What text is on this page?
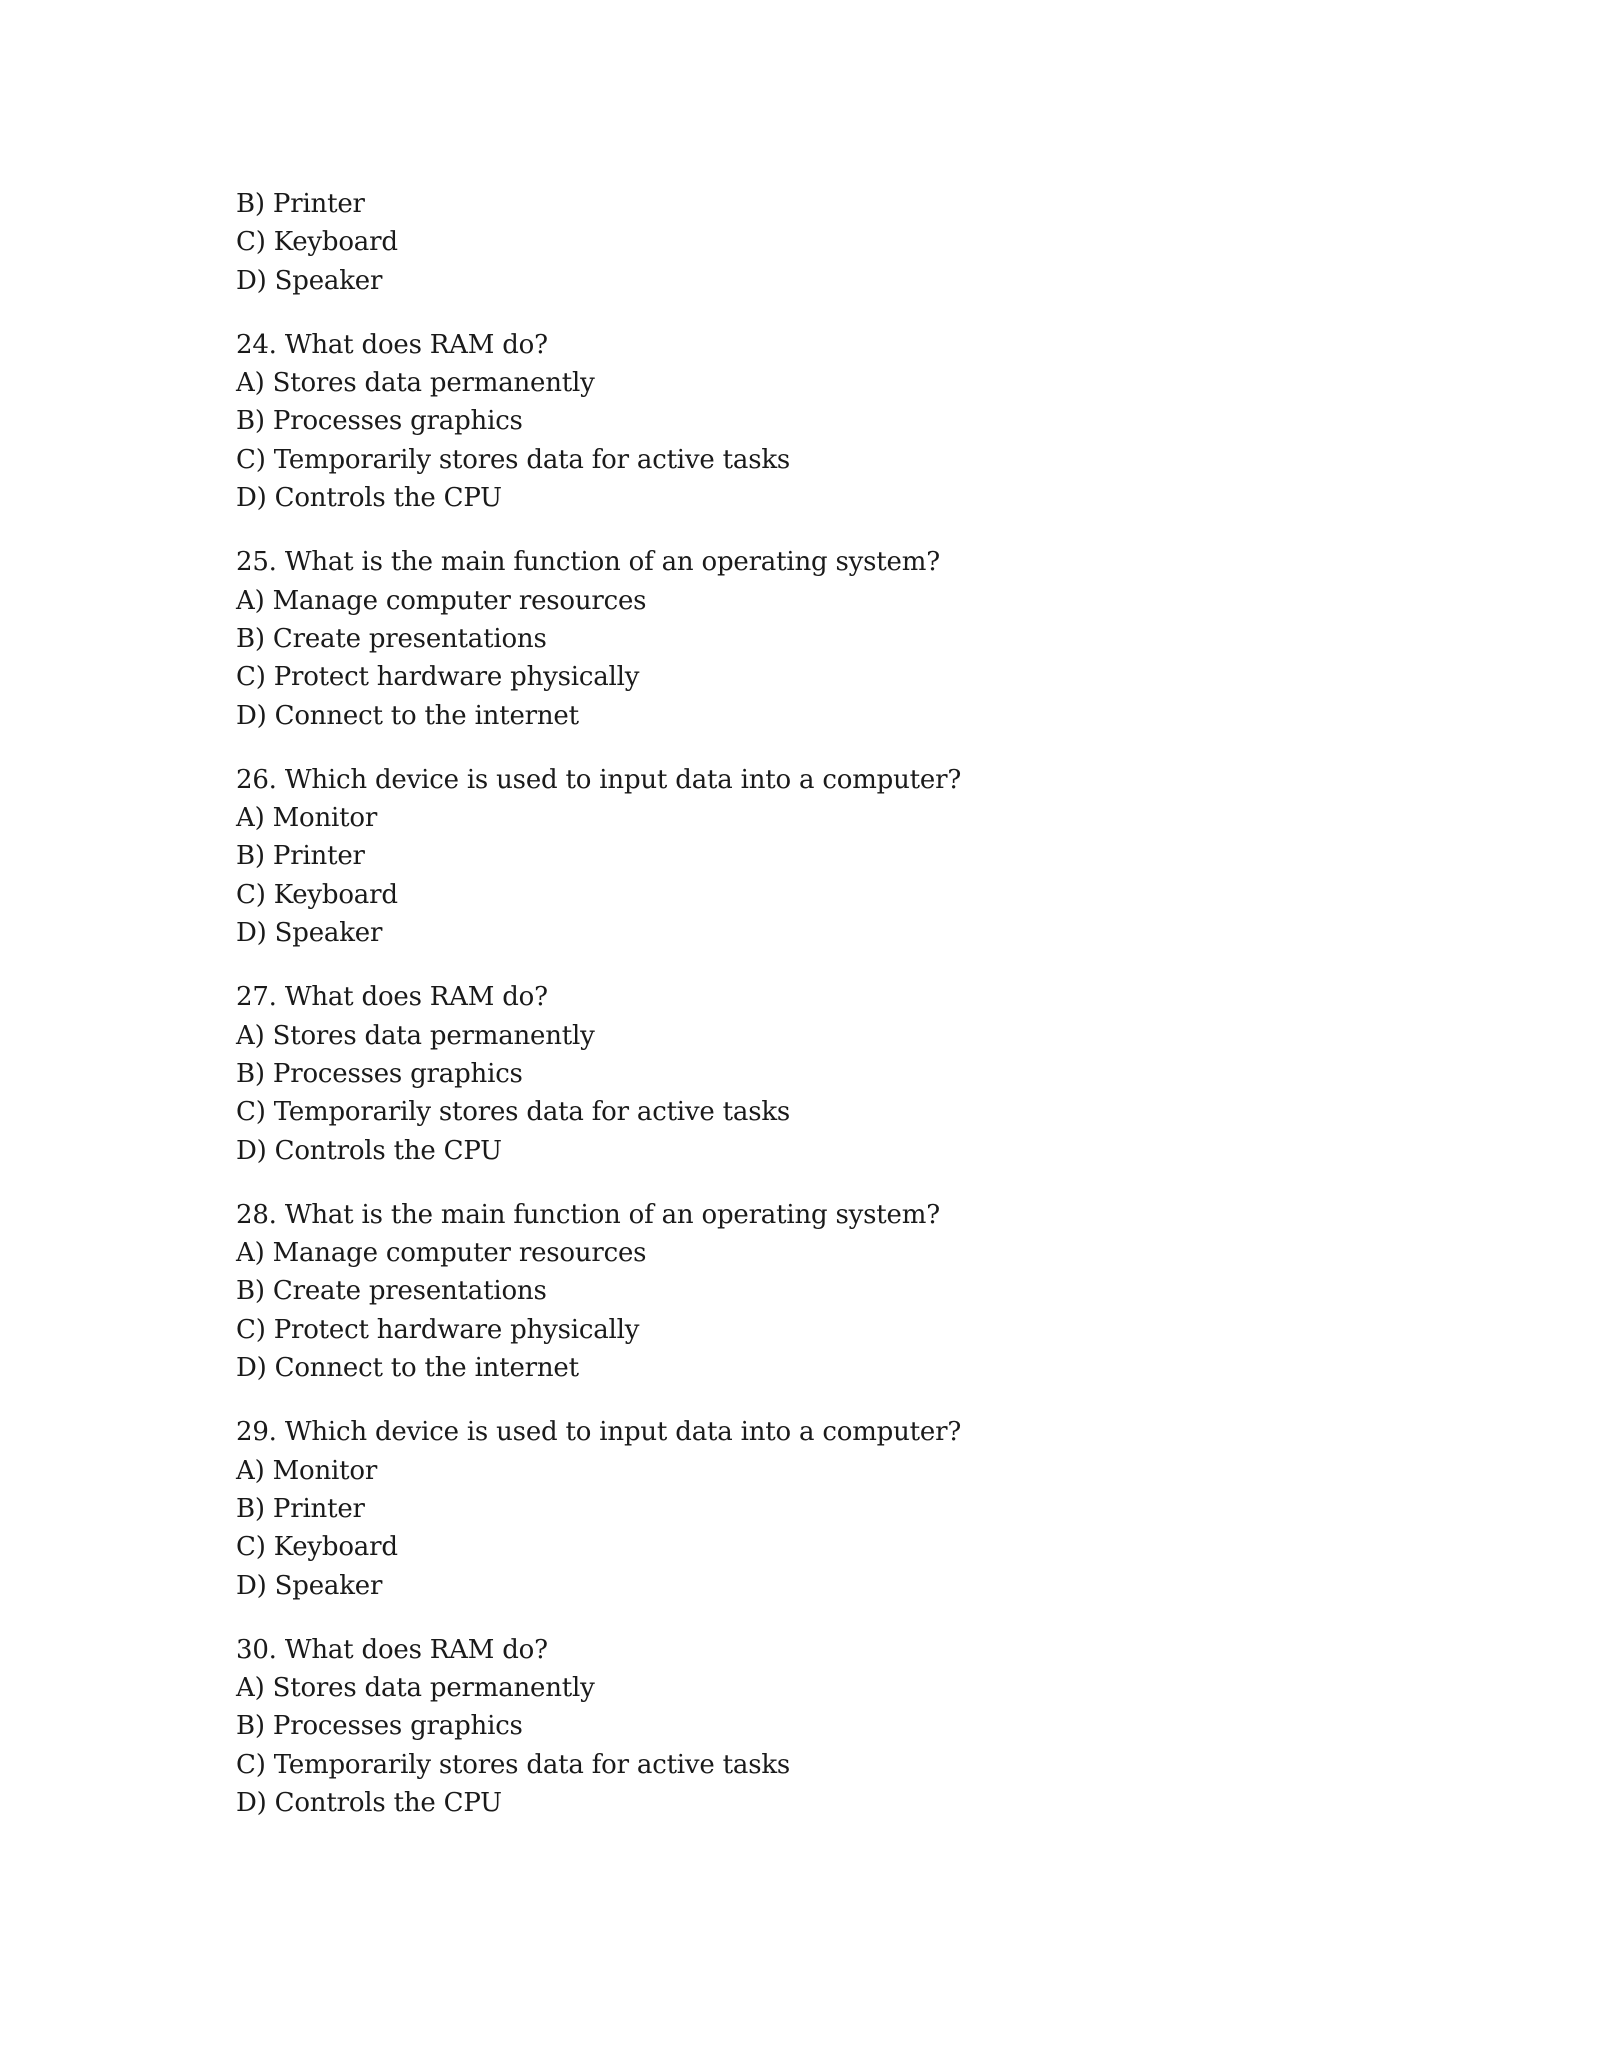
B) Printer
C) Keyboard
D) Speaker
24. What does RAM do?
A) Stores data permanently
B) Processes graphics
C) Temporarily stores data for active tasks
D) Controls the CPU
25. What is the main function of an operating system?
A) Manage computer resources
B) Create presentations
C) Protect hardware physically
D) Connect to the internet
26. Which device is used to input data into a computer?
A) Monitor
B) Printer
C) Keyboard
D) Speaker
27. What does RAM do?
A) Stores data permanently
B) Processes graphics
C) Temporarily stores data for active tasks
D) Controls the CPU
28. What is the main function of an operating system?
A) Manage computer resources
B) Create presentations
C) Protect hardware physically
D) Connect to the internet
29. Which device is used to input data into a computer?
A) Monitor
B) Printer
C) Keyboard
D) Speaker
30. What does RAM do?
A) Stores data permanently
B) Processes graphics
C) Temporarily stores data for active tasks
D) Controls the CPU
